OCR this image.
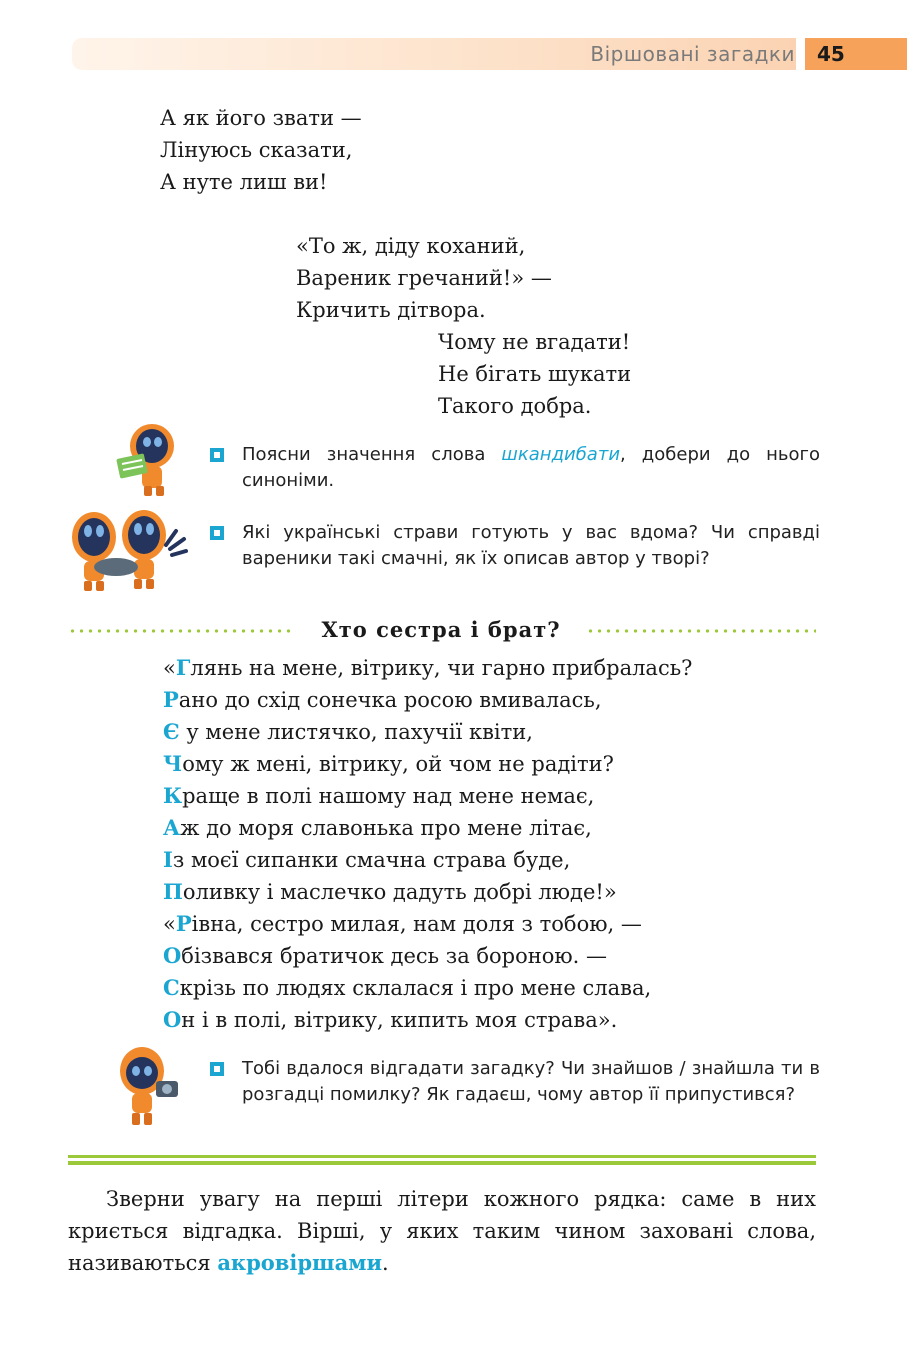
Віршовані загадки	45
А як його звати —
Лінуюсь сказати,
А нуте лиш ви!
«То ж, діду коханий,
Вареник гречаний!» —
Кричить дітвора.
Чому не вгадати!
Не бігать шукати
Такого добра.
Поясни значення слова шкандибати, добери до нього синоніми.
Які українські страви готують у вас вдома? Чи справді вареники такі смачні, як їх описав автор у творі?
Хто сестра і брат?
«Глянь на мене, вітрику, чи гарно прибралась?
Рано до схід сонечка росою вмивалась,
Є у мене листячко, пахучії квіти,
Чому ж мені, вітрику, ой чом не радіти?
Краще в полі нашому над мене немає,
Аж до моря славонька про мене літає,
Із моєї сипанки смачна страва буде,
Поливку і маслечко дадуть добрі люде!»
«Рівна, сестро милая, нам доля з тобою, —
Обізвався братичок десь за бороною. —
Скрізь по людях склалася і про мене слава,
Он і в полі, вітрику, кипить моя страва».
Тобі вдалося відгадати загадку? Чи знайшов / знайшла ти в розгадці помилку? Як гадаєш, чому автор її припустився?
Зверни увагу на перші літери кожного рядка: саме в них криється відгадка. Вірші, у яких таким чином заховані слова, називаються акровіршами.
